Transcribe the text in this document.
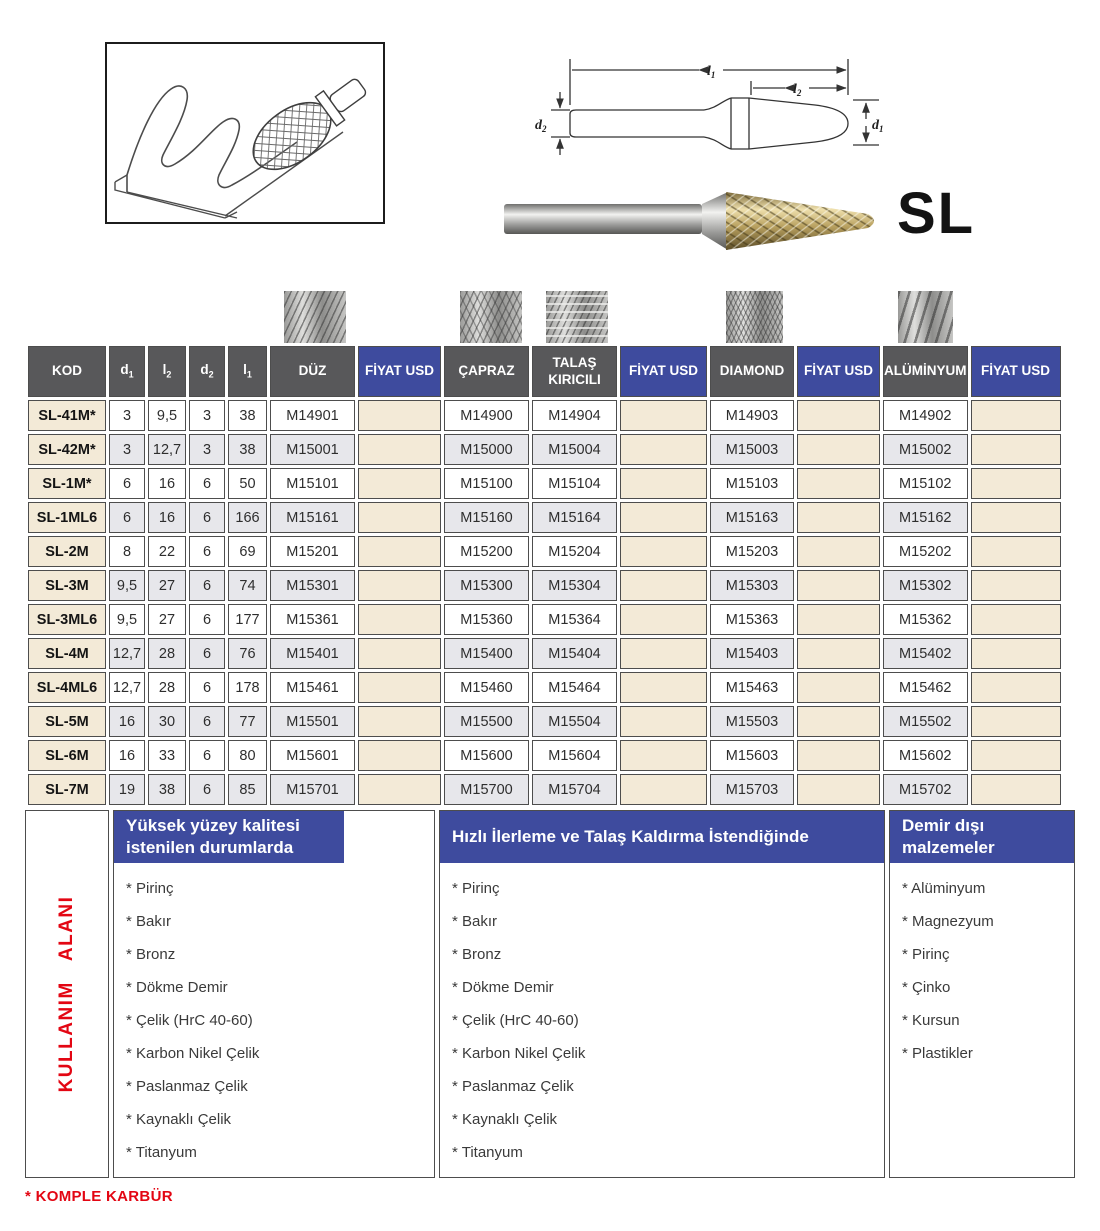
$l_1$
$l_2$
$d_2$	$d_1$
SL
KOD	$d_1$	$l_2$	$d_2$	$l_1$	DÜZ	FİYAT USD	ÇAPRAZ	TALAŞ KIRICILI	FİYAT USD	DIAMOND	FİYAT USD	ALÜMİNYUM	FİYAT USD
SL-41M*	3	9,5	3	38	M14901		M14900	M14904		M14903		M14902	
SL-42M*	3	12,7	3	38	M15001		M15000	M15004		M15003		M15002	
SL-1M*	6	16	6	50	M15101		M15100	M15104		M15103		M15102	
SL-1ML6	6	16	6	166	M15161		M15160	M15164		M15163		M15162	
SL-2M	8	22	6	69	M15201		M15200	M15204		M15203		M15202	
SL-3M	9,5	27	6	74	M15301		M15300	M15304		M15303		M15302	
SL-3ML6	9,5	27	6	177	M15361		M15360	M15364		M15363		M15362	
SL-4M	12,7	28	6	76	M15401		M15400	M15404		M15403		M15402	
SL-4ML6	12,7	28	6	178	M15461		M15460	M15464		M15463		M15462	
SL-5M	16	30	6	77	M15501		M15500	M15504		M15503		M15502	
SL-6M	16	33	6	80	M15601		M15600	M15604		M15603		M15602	
SL-7M	19	38	6	85	M15701		M15700	M15704		M15703		M15702	
KULLANIM ALANI
Yüksek yüzey kalitesi istenilen durumlarda
* Pirinç
* Bakır
* Bronz
* Dökme Demir
* Çelik (HrC 40-60)
* Karbon Nikel Çelik
* Paslanmaz Çelik
* Kaynaklı Çelik
* Titanyum
Hızlı İlerleme ve Talaş Kaldırma İstendiğinde
* Pirinç
* Bakır
* Bronz
* Dökme Demir
* Çelik (HrC 40-60)
* Karbon Nikel Çelik
* Paslanmaz Çelik
* Kaynaklı Çelik
* Titanyum
Demir dışı malzemeler
* Alüminyum
* Magnezyum
* Pirinç
* Çinko
* Kursun
* Plastikler
* KOMPLE KARBÜR
